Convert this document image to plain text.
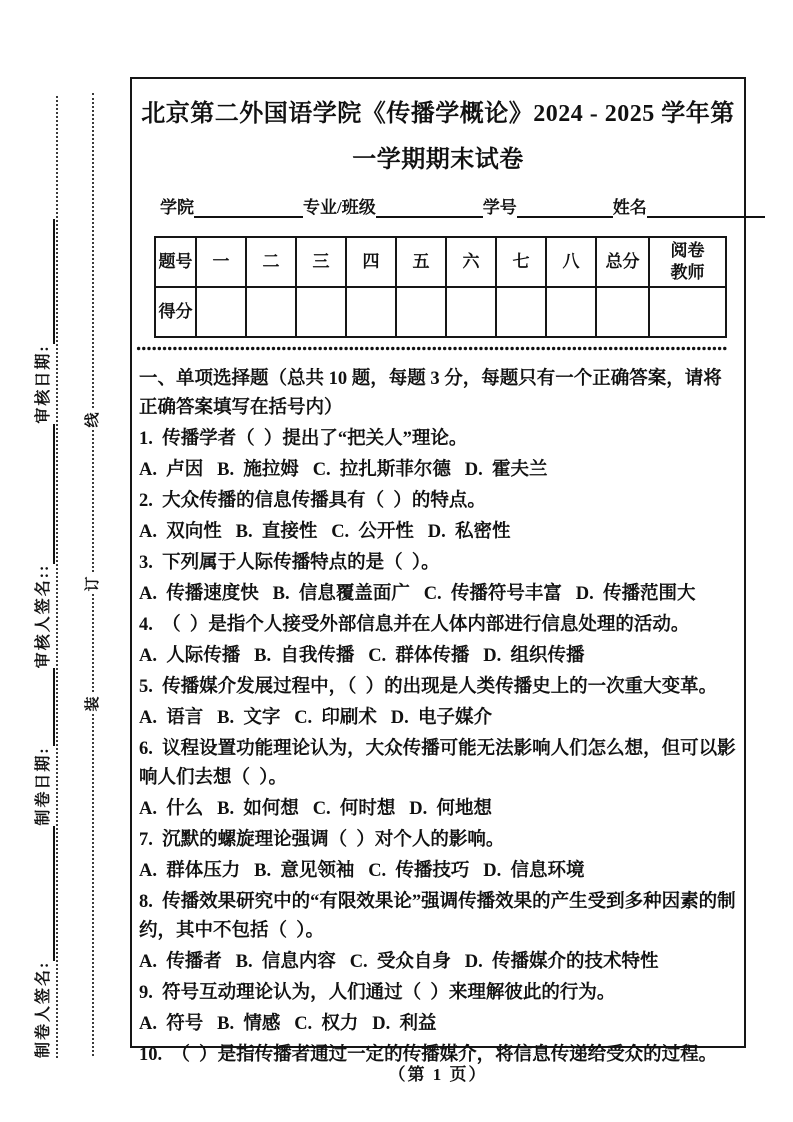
制卷人签名:
制卷日期:
审核人签名::
审核日期: 线
订
装
北京第二外国语学院《传播学概论》2024 - 2025 学年第一学期期末试卷
学院	专业/班级	学号	姓名
题号	一	二	三	四	五	六	七	八	总分	阅卷教师
得分										

一、单项选择题（总共 10 题，每题 3 分，每题只有一个正确答案，请将正确答案填写在括号内）

1.  传播学者（  ）提出了“把关人”理论。

A.  卢因   B.  施拉姆   C.  拉扎斯菲尔德   D.  霍夫兰

2.  大众传播的信息传播具有（  ）的特点。

A.  双向性   B.  直接性   C.  公开性   D.  私密性

3.  下列属于人际传播特点的是（  ）。

A.  传播速度快   B.  信息覆盖面广   C.  传播符号丰富   D.  传播范围大

4.  （  ）是指个人接受外部信息并在人体内部进行信息处理的活动。

A.  人际传播   B.  自我传播   C.  群体传播   D.  组织传播

5.  传播媒介发展过程中，（  ）的出现是人类传播史上的一次重大变革。

A.  语言   B.  文字   C.  印刷术   D.  电子媒介

6.  议程设置功能理论认为，大众传播可能无法影响人们怎么想，但可以影响人们去想（  ）。

A.  什么   B.  如何想   C.  何时想   D.  何地想

7.  沉默的螺旋理论强调（  ）对个人的影响。

A.  群体压力   B.  意见领袖   C.  传播技巧   D.  信息环境

8.  传播效果研究中的“有限效果论”强调传播效果的产生受到多种因素的制约，其中不包括（  ）。

A.  传播者   B.  信息内容   C.  受众自身   D.  传播媒介的技术特性

9.  符号互动理论认为，人们通过（  ）来理解彼此的行为。

A.  符号   B.  情感   C.  权力   D.  利益

10.  （  ）是指传播者通过一定的传播媒介，将信息传递给受众的过程。

（第 1 页）
